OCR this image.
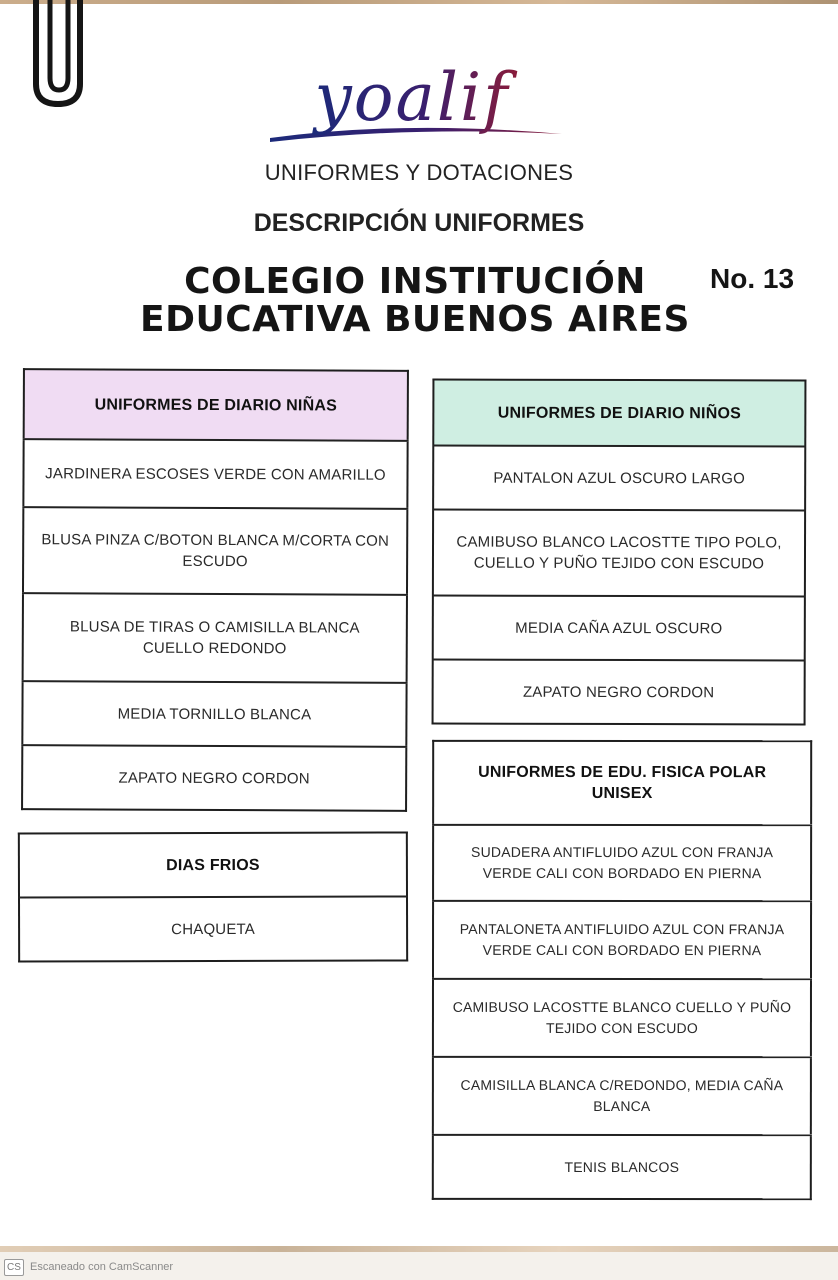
yoalif
UNIFORMES Y DOTACIONES
DESCRIPCIÓN UNIFORMES
COLEGIO INSTITUCIÓN
EDUCATIVA BUENOS AIRES
No. 13
UNIFORMES DE DIARIO NIÑAS
JARDINERA ESCOSES VERDE CON AMARILLO
BLUSA PINZA C/BOTON BLANCA M/CORTA CON ESCUDO
BLUSA DE TIRAS O CAMISILLA BLANCA CUELLO REDONDO
MEDIA TORNILLO BLANCA
ZAPATO NEGRO CORDON
UNIFORMES DE DIARIO NIÑOS
PANTALON AZUL OSCURO LARGO
CAMIBUSO BLANCO LACOSTTE TIPO POLO, CUELLO Y PUÑO TEJIDO CON ESCUDO
MEDIA CAÑA AZUL OSCURO
ZAPATO NEGRO CORDON
DIAS FRIOS
CHAQUETA
UNIFORMES DE EDU. FISICA POLAR UNISEX
SUDADERA ANTIFLUIDO AZUL CON FRANJA VERDE CALI CON BORDADO EN PIERNA
PANTALONETA ANTIFLUIDO AZUL CON FRANJA VERDE CALI CON BORDADO EN PIERNA
CAMIBUSO LACOSTTE BLANCO CUELLO Y PUÑO TEJIDO CON ESCUDO
CAMISILLA BLANCA C/REDONDO, MEDIA CAÑA BLANCA
TENIS BLANCOS
CS Escaneado con CamScanner
